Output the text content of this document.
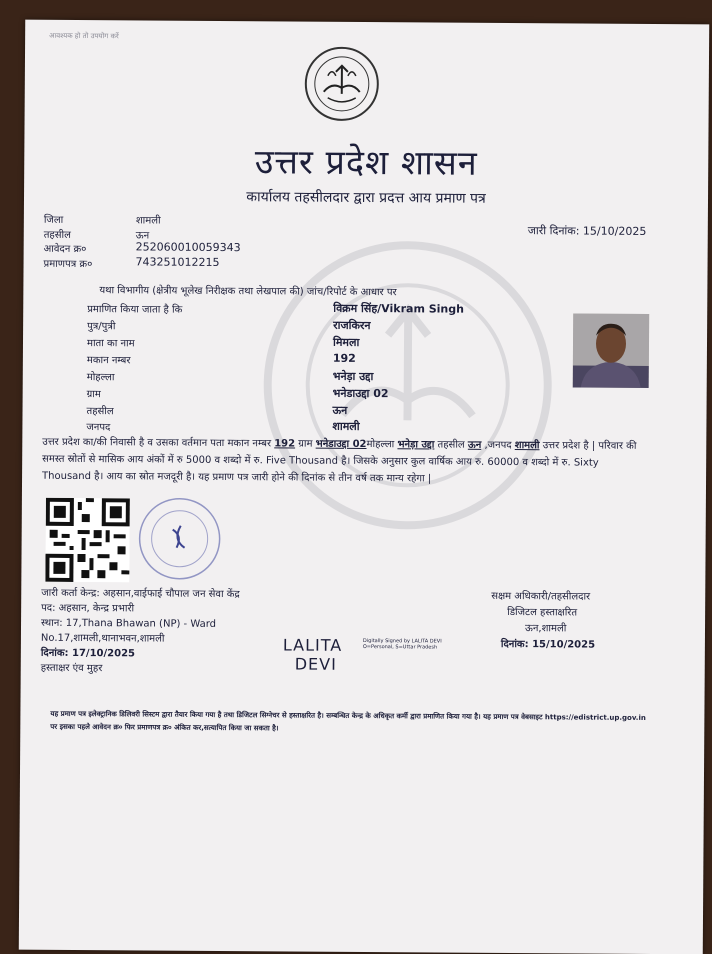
आवश्यक हो तो उपयोग करें
उत्तर प्रदेश शासन
कार्यालय तहसीलदार द्वारा प्रदत्त आय प्रमाण पत्र
जिला	शामली
तहसील	ऊन
आवेदन क्र०	252060010059343
प्रमाणपत्र क्र०	743251012215
जारी दिनांक: 15/10/2025
यथा विभागीय (क्षेत्रीय भूलेख निरीक्षक तथा लेखपाल की) जांच/रिपोर्ट के आधार पर
प्रमाणित किया जाता है कि	विक्रम सिंह/Vikram Singh
पुत्र/पुत्री	राजकिरन
माता का नाम	मिमला
मकान नम्बर	192
मोहल्ला	भनेड़ा उद्दा
ग्राम	भनेडाउद्दा 02
तहसील	ऊन
जनपद	शामली
उत्तर प्रदेश का/की निवासी है व उसका वर्तमान पता मकान नम्बर 192 ग्राम भनेडाउद्दा 02मोहल्ला भनेड़ा उद्दा तहसील ऊन ,जनपद शामली उत्तर प्रदेश है | परिवार की समस्त स्रोतों से मासिक आय अंकों में रु 5000 व शब्दो में रु. Five Thousand है। जिसके अनुसार कुल वार्षिक आय रु. 60000 व शब्दो में रु. Sixty Thousand है। आय का स्रोत मजदूरी है। यह प्रमाण पत्र जारी होने की दिनांक से तीन वर्ष तक मान्य रहेगा |
जारी कर्ता केन्द्र: अहसान,वाईफाई चौपाल जन सेवा केंद्र
पद: अहसान, केन्द्र प्रभारी
स्थान: 17,Thana Bhawan (NP) - Ward No.17,शामली,थानाभवन,शामली
दिनांक: 17/10/2025
हस्ताक्षर एंव मुहर
LALITA
DEVI
Digitally Signed by LALITA DEVI O=Personal, S=Uttar Pradesh
सक्षम अधिकारी/तहसीलदार
डिजिटल हस्ताक्षरित
ऊन,शामली
दिनांक: 15/10/2025
यह प्रमाण पत्र इलेक्ट्रानिक डिलिवरी सिस्टम द्वारा तैयार किया गया है तथा डिजिटल सिग्नेचर से हस्ताक्षरित है। सम्बन्धित केन्द्र के अधिकृत कर्मी द्वारा प्रमाणित किया गया है। यह प्रमाण पत्र वेबसाइट https://edistrict.up.gov.in पर इसका पहले आवेदन क्र० फिर प्रमाणपत्र क्र० अंकित कर,सत्यापित किया जा सकता है।
